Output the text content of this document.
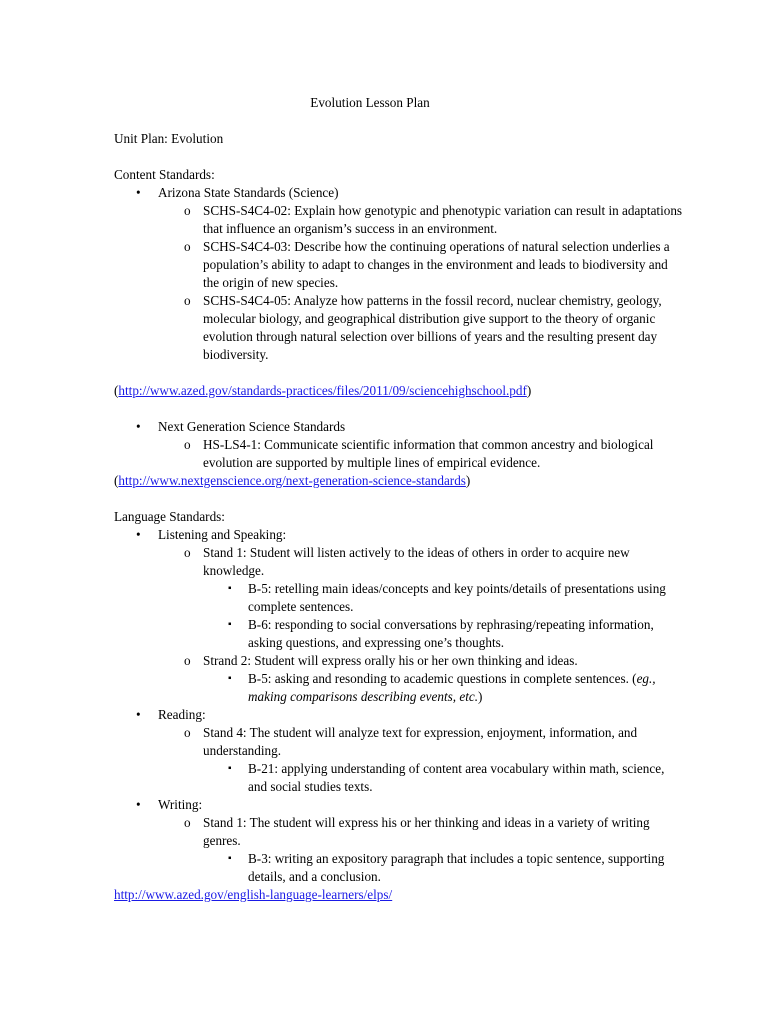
Evolution Lesson Plan
Unit Plan: Evolution
Content Standards:
• Arizona State Standards (Science)
o SCHS-S4C4-02: Explain how genotypic and phenotypic variation can result in adaptations that influence an organism’s success in an environment.
o SCHS-S4C4-03: Describe how the continuing operations of natural selection underlies a population’s ability to adapt to changes in the environment and leads to biodiversity and the origin of new species.
o SCHS-S4C4-05: Analyze how patterns in the fossil record, nuclear chemistry, geology, molecular biology, and geographical distribution give support to the theory of organic evolution through natural selection over billions of years and the resulting present day biodiversity.
(http://www.azed.gov/standards-practices/files/2011/09/sciencehighschool.pdf)
• Next Generation Science Standards
o HS-LS4-1: Communicate scientific information that common ancestry and biological evolution are supported by multiple lines of empirical evidence.
(http://www.nextgenscience.org/next-generation-science-standards)
Language Standards:
• Listening and Speaking:
o Stand 1: Student will listen actively to the ideas of others in order to acquire new knowledge.
▪ B-5: retelling main ideas/concepts and key points/details of presentations using complete sentences.
▪ B-6: responding to social conversations by rephrasing/repeating information, asking questions, and expressing one’s thoughts.
o Strand 2: Student will express orally his or her own thinking and ideas.
▪ B-5: asking and resonding to academic questions in complete sentences. (eg., making comparisons describing events, etc.)
• Reading:
o Stand 4: The student will analyze text for expression, enjoyment, information, and understanding.
▪ B-21: applying understanding of content area vocabulary within math, science, and social studies texts.
• Writing:
o Stand 1: The student will express his or her thinking and ideas in a variety of writing genres.
▪ B-3: writing an expository paragraph that includes a topic sentence, supporting details, and a conclusion.
http://www.azed.gov/english-language-learners/elps/
